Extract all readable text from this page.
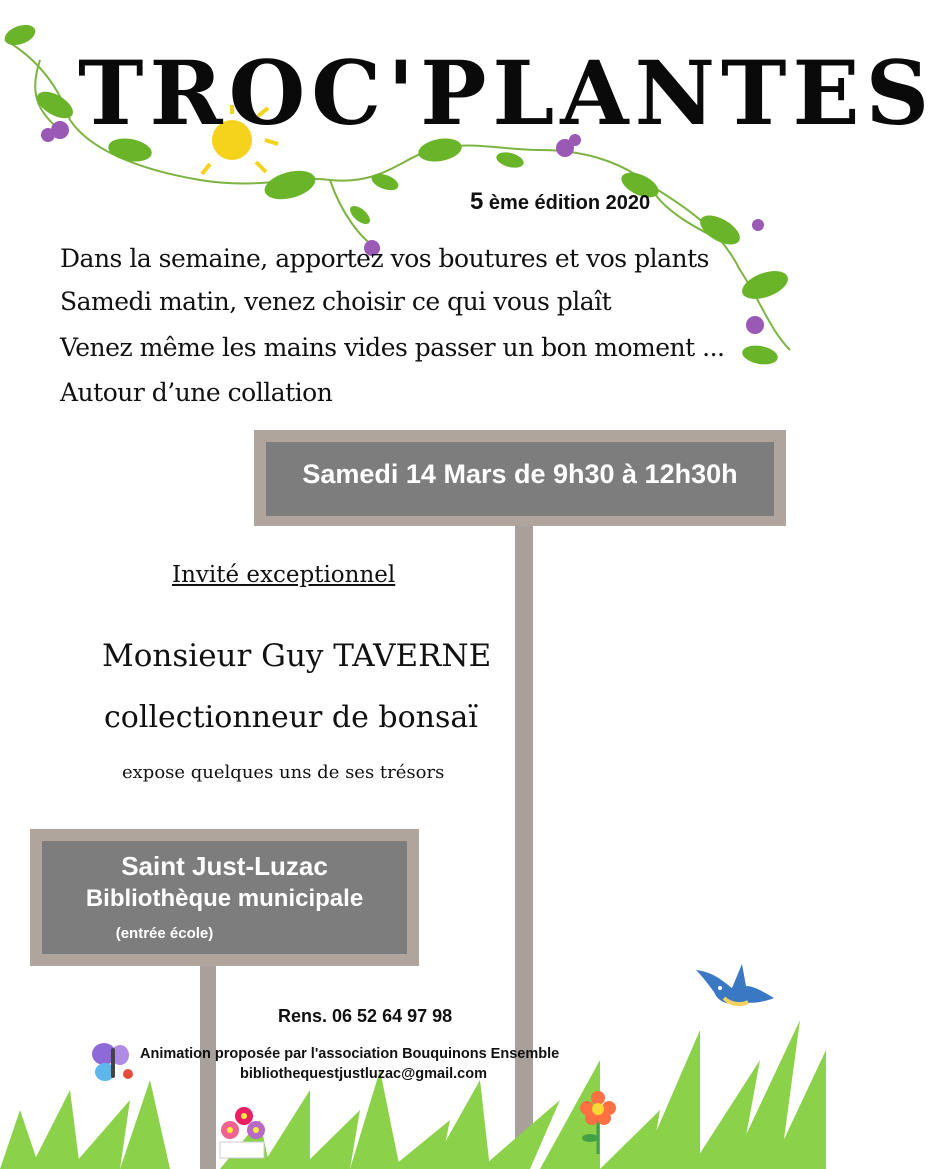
TROC'PLANTES
5 ème édition 2020
Dans la semaine, apportez vos boutures et vos plants
Samedi matin, venez choisir ce qui vous plaît
Venez même les mains vides passer un bon moment ...
Autour d’une collation
Samedi 14 Mars de 9h30 à 12h30h
Invité exceptionnel
Monsieur Guy TAVERNE
collectionneur de bonsaï
expose quelques uns de ses trésors
Saint Just-Luzac
Bibliothèque municipale
(entrée école)
Rens. 06 52 64 97 98
Animation proposée par l'association Bouquinons Ensemble
bibliothequestjustluzac@gmail.com
